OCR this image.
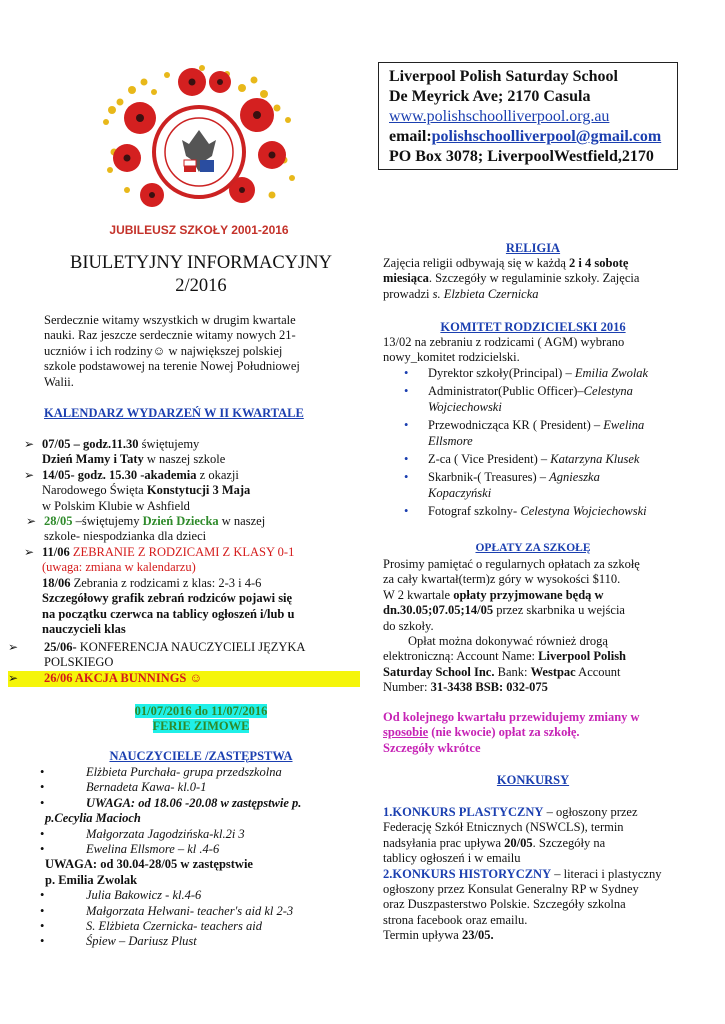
JUBILEUSZ SZKOŁY 2001-2016
Liverpool Polish Saturday School
De Meyrick Ave; 2170 Casula
www.polishschoolliverpool.org.au
email:polishschoolliverpool@gmail.com
PO Box 3078; LiverpoolWestfield,2170
BIULETYJNY INFORMACYJNY
2/2016
Serdecznie witamy wszystkich w drugim kwartale
nauki. Raz jeszcze serdecznie witamy nowych 21-
uczniów i ich rodziny☺ w największej polskiej
szkole podstawowej na terenie Nowej Południowej
Walii.
KALENDARZ WYDARZEŃ W II KWARTALE
➢ 07/05 – godz.11.30 świętujemy
Dzień Mamy i Taty w naszej szkole
➢ 14/05- godz. 15.30 -akademia z okazji
Narodowego Święta Konstytucji 3 Maja
w Polskim Klubie w Ashfield
➢ 28/05 –świętujemy Dzień Dziecka w naszej
szkole- niespodzianka dla dzieci
➢ 11/06 ZEBRANIE Z RODZICAMI Z KLASY 0-1
(uwaga: zmiana w kalendarzu)
18/06 Zebrania z rodzicami z klas: 2-3 i 4-6
Szczegółowy grafik zebrań rodziców pojawi się
na początku czerwca na tablicy ogłoszeń i/lub u
nauczycieli klas
➢	25/06- KONFERENCJA NAUCZYCIELI JĘZYKA
POLSKIEGO
➢ 26/06 AKCJA BUNNINGS ☺
01/07/2016 do 11/07/2016
FERIE ZIMOWE
NAUCZYCIELE /ZASTĘPSTWA
•	Elżbieta Purchała- grupa przedszkolna
•	Bernadeta Kawa- kl.0-1
•	UWAGA: od 18.06 -20.08 w zastępstwie p.
p.Cecylia Macioch
•	Małgorzata Jagodzińska-kl.2i 3
•	Ewelina Ellsmore – kl .4-6
UWAGA: od 30.04-28/05 w zastępstwie
p. Emilia Zwolak
•	Julia Bakowicz - kl.4-6
•	Małgorzata Helwani- teacher's aid kl 2-3
•	S. Elżbieta Czernicka- teachers aid
•	Śpiew – Dariusz Plust
RELIGIA
Zajęcia religii odbywają się w każdą 2 i 4 sobotę
miesiąca. Szczegóły w regulaminie szkoły. Zajęcia
prowadzi s. Elzbieta Czernicka
KOMITET RODZICIELSKI 2016
13/02 na zebraniu z rodzicami ( AGM) wybrano
nowy_komitet rodzicielski.
•	Dyrektor szkoły(Principal) – Emilia Zwolak
•	Administrator(Public Officer)–Celestyna
Wojciechowski
•	Przewodnicząca KR ( President) – Ewelina
Ellsmore
•	Z-ca ( Vice President) – Katarzyna Klusek
•	Skarbnik-( Treasures) – Agnieszka
Kopaczyński
•	Fotograf szkolny- Celestyna Wojciechowski
OPŁATY ZA SZKOŁĘ
Prosimy pamiętać o regularnych opłatach za szkołę
za cały kwartał(term)z góry w wysokości $110.
W 2 kwartale opłaty przyjmowane będą w
dn.30.05;07.05;14/05 przez skarbnika u wejścia
do szkoły.
Opłat można dokonywać również drogą
elektroniczną: Account Name: Liverpool Polish
Saturday School Inc. Bank: Westpac Account
Number: 31-3438 BSB: 032-075
Od kolejnego kwartału przewidujemy zmiany w
sposobie (nie kwocie) opłat za szkołę.
Szczegóły wkrótce
KONKURSY
1.KONKURS PLASTYCZNY – ogłoszony przez
Federację Szkół Etnicznych (NSWCLS), termin
nadsyłania prac upływa 20/05. Szczegóły na
tablicy ogłoszeń i w emailu
2.KONKURS HISTORYCZNY – literaci i plastyczny
ogłoszony przez Konsulat Generalny RP w Sydney
oraz Duszpasterstwo Polskie. Szczegóły szkolna
strona facebook oraz emailu.
Termin upływa 23/05.
